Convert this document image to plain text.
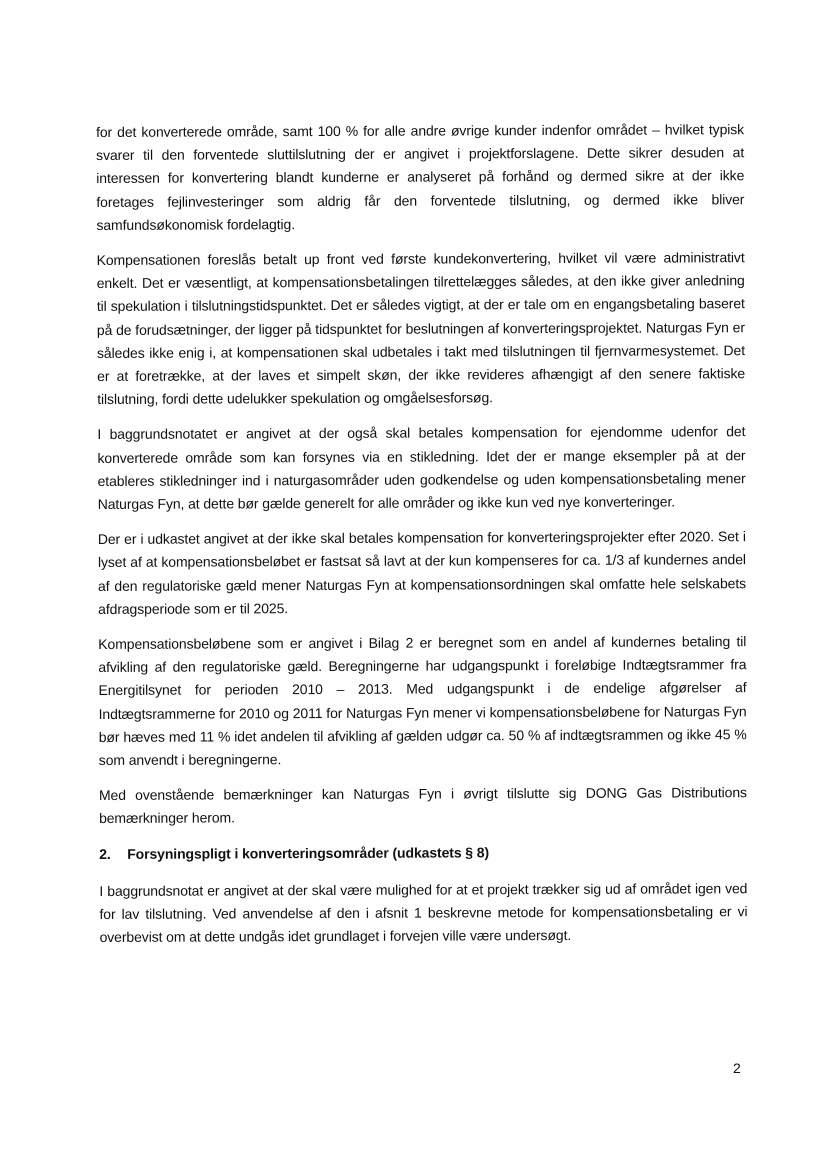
for det konverterede område, samt 100 % for alle andre øvrige kunder indenfor området – hvilket typisk svarer til den forventede sluttilslutning der er angivet i projektforslagene. Dette sikrer desuden at interessen for konvertering blandt kunderne er analyseret på forhånd og dermed sikre at der ikke foretages fejlinvesteringer som aldrig får den forventede tilslutning, og dermed ikke bliver samfundsøkonomisk fordelagtig.

Kompensationen foreslås betalt up front ved første kundekonvertering, hvilket vil være administrativt enkelt. Det er væsentligt, at kompensationsbetalingen tilrettelægges således, at den ikke giver anledning til spekulation i tilslutningstidspunktet. Det er således vigtigt, at der er tale om en engangsbetaling baseret på de forudsætninger, der ligger på tidspunktet for beslutningen af konverteringsprojektet. Naturgas Fyn er således ikke enig i, at kompensationen skal udbetales i takt med tilslutningen til fjernvarmesystemet. Det er at foretrække, at der laves et simpelt skøn, der ikke revideres afhængigt af den senere faktiske tilslutning, fordi dette udelukker spekulation og omgåelsesforsøg.

I baggrundsnotatet er angivet at der også skal betales kompensation for ejendomme udenfor det konverterede område som kan forsynes via en stikledning. Idet der er mange eksempler på at der etableres stikledninger ind i naturgasområder uden godkendelse og uden kompensationsbetaling mener Naturgas Fyn, at dette bør gælde generelt for alle områder og ikke kun ved nye konverteringer.

Der er i udkastet angivet at der ikke skal betales kompensation for konverteringsprojekter efter 2020. Set i lyset af at kompensationsbeløbet er fastsat så lavt at der kun kompenseres for ca. 1/3 af kundernes andel af den regulatoriske gæld mener Naturgas Fyn at kompensationsordningen skal omfatte hele selskabets afdragsperiode som er til 2025.

Kompensationsbeløbene som er angivet i Bilag 2 er beregnet som en andel af kundernes betaling til afvikling af den regulatoriske gæld. Beregningerne har udgangspunkt i foreløbige Indtægtsrammer fra Energitilsynet for perioden 2010 – 2013. Med udgangspunkt i de endelige afgørelser af Indtægtsrammerne for 2010 og 2011 for Naturgas Fyn mener vi kompensationsbeløbene for Naturgas Fyn bør hæves med 11 % idet andelen til afvikling af gælden udgør ca. 50 % af indtægtsrammen og ikke 45 % som anvendt i beregningerne.

Med ovenstående bemærkninger kan Naturgas Fyn i øvrigt tilslutte sig DONG Gas Distributions bemærkninger herom.

2.	Forsyningspligt i konverteringsområder (udkastets § 8)

I baggrundsnotat er angivet at der skal være mulighed for at et projekt trækker sig ud af området igen ved for lav tilslutning. Ved anvendelse af den i afsnit 1 beskrevne metode for kompensationsbetaling er vi overbevist om at dette undgås idet grundlaget i forvejen ville være undersøgt.

2
